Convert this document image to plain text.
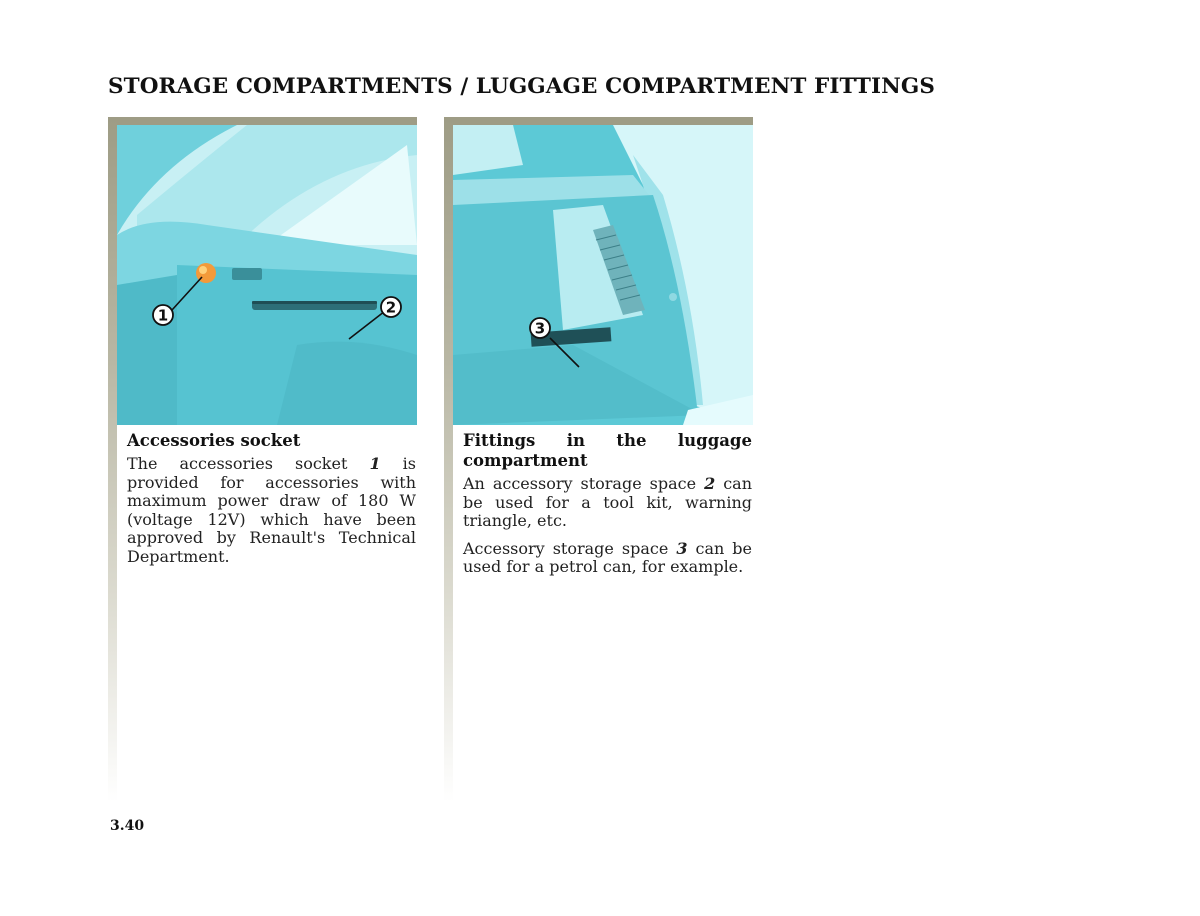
STORAGE COMPARTMENTS / LUGGAGE COMPARTMENT FITTINGS
1	2
Accessories socket

The accessories socket 1 is provided for accessories with maximum power draw of 180 W (voltage 12V) which have been approved by Renault's Technical Department.

3
Fittings in the luggage
compartment

An accessory storage space 2 can be used for a tool kit, warning triangle, etc.

Accessory storage space 3 can be used for a petrol can, for example.

3.40
